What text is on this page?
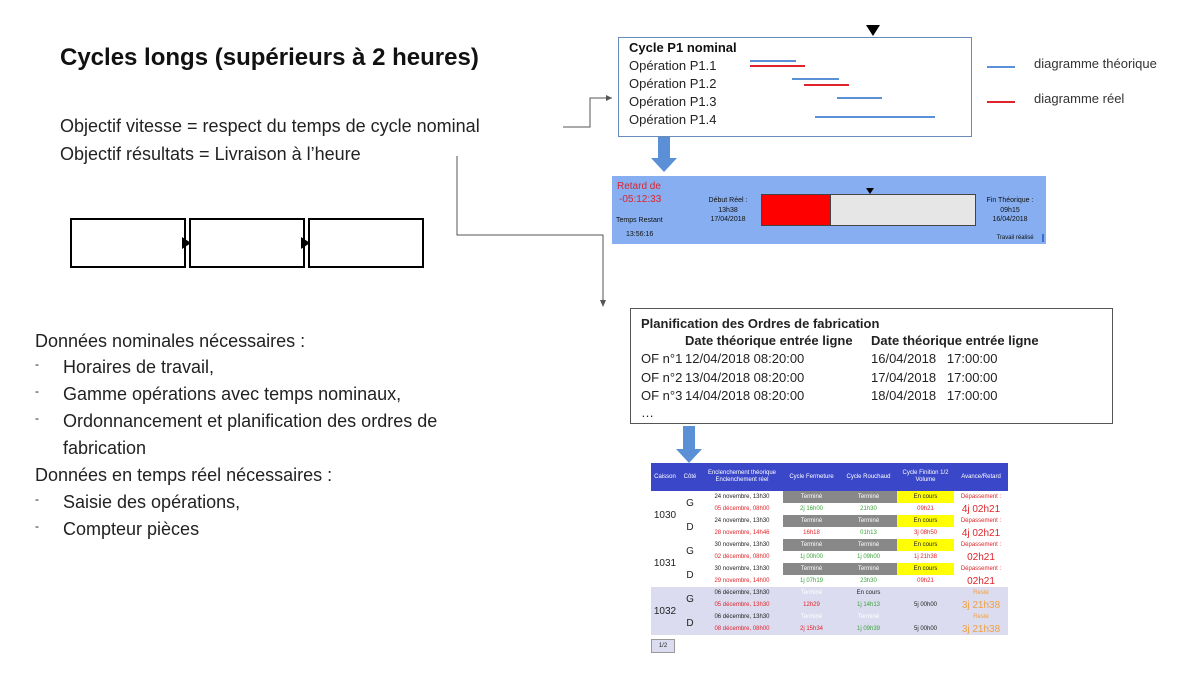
Cycles longs (supérieurs à 2 heures)
Objectif vitesse = respect du temps de cycle nominal
Objectif résultats = Livraison à l’heure
Données nominales nécessaires :
- Horaires de travail,
- Gamme opérations avec temps nominaux,
- Ordonnancement et planification des ordres de
fabrication
Données en temps réel nécessaires :
- Saisie des opérations,
- Compteur pièces
Cycle P1 nominal
Opération P1.1
Opération P1.2
Opération P1.3
Opération P1.4
diagramme théorique
diagramme réel
Retard de
-05:12:33
Temps Restant
13:56:16
Début Réel :
13h38
17/04/2018
Fin Théorique :
09h15
16/04/2018
Travail réalisé
Planification des Ordres de fabrication
Date théorique entrée ligne Date théorique entrée ligne
OF n°1 12/04/2018 08:20:00	16/04/2018   17:00:00
OF n°2 13/04/2018 08:20:00	17/04/2018   17:00:00
OF n°3 14/04/2018 08:20:00	18/04/2018   17:00:00
…
Caisson	Côté	Enclenchement théorique Enclenchement réel	Cycle Fermeture	Cycle Rouchaud	Cycle Finition 1/2 Volume	Avance/Retard
1030	G	24 novembre, 13h30	Terminé	Terminé	En cours	Dépassement :
		05 décembre, 08h00	2j 16h00	21h30	09h21	4j 02h21
	D	24 novembre, 13h30	Terminé	Terminé	En cours	Dépassement :
		28 novembre, 14h46	16h18	01h13	3j 08h50	4j 02h21
1031	G	30 novembre, 13h30	Terminé	Terminé	En cours	Dépassement :
		02 décembre, 08h00	1j 00h00	1j 09h00	1j 21h38	02h21
	D	30 novembre, 13h30	Terminé	Terminé	En cours	Dépassement :
		29 novembre, 14h00	1j 07h19	23h30	09h21	02h21
1032	G	06 décembre, 13h30	Terminé	En cours		Reste
		05 décembre, 13h30	12h29	1j 14h13	5j 00h00	3j 21h38
	D	06 décembre, 13h30	Terminé	Terminé		Reste
		08 décembre, 08h00	2j 15h34	1j 09h39	5j 00h00	3j 21h38
1/2
